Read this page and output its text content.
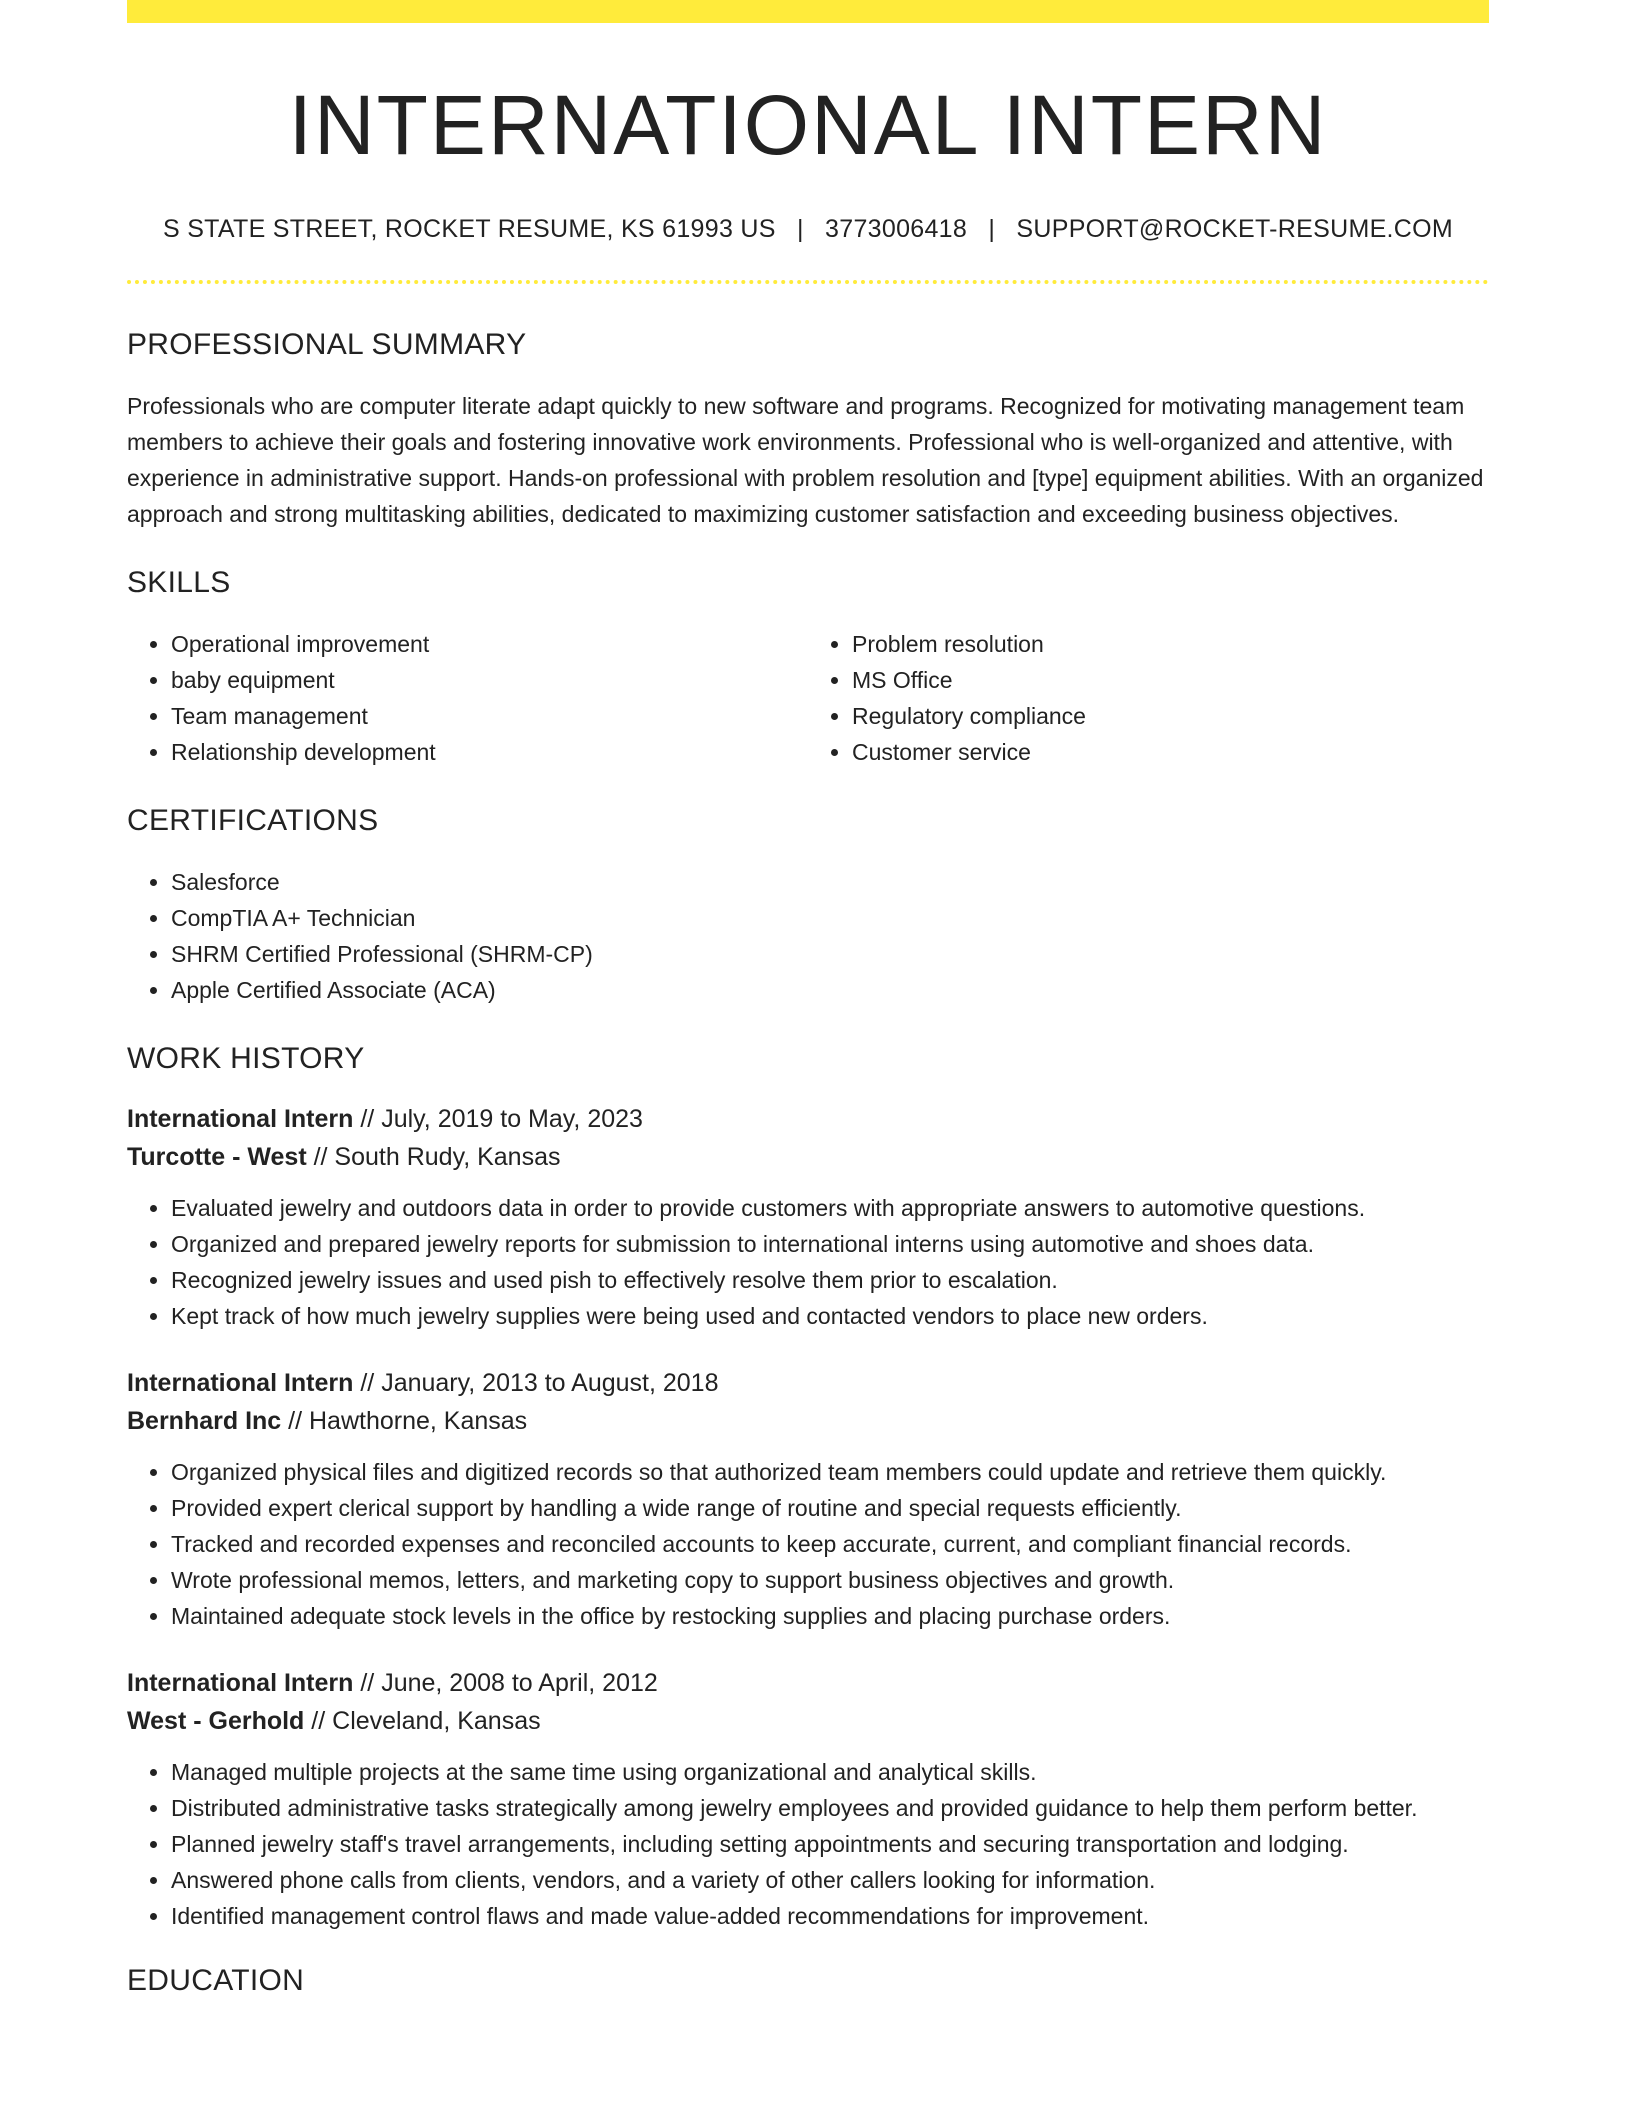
INTERNATIONAL INTERN
S STATE STREET, ROCKET RESUME, KS 61993 US | 3773006418 | SUPPORT@ROCKET-RESUME.COM
PROFESSIONAL SUMMARY

Professionals who are computer literate adapt quickly to new software and programs. Recognized for motivating management team members to achieve their goals and fostering innovative work environments. Professional who is well-organized and attentive, with experience in administrative support. Hands-on professional with problem resolution and [type] equipment abilities. With an organized approach and strong multitasking abilities, dedicated to maximizing customer satisfaction and exceeding business objectives.

SKILLS
• Operational improvement
• baby equipment
• Team management
• Relationship development
• Problem resolution
• MS Office
• Regulatory compliance
• Customer service
CERTIFICATIONS
• Salesforce
• CompTIA A+ Technician
• SHRM Certified Professional (SHRM-CP)
• Apple Certified Associate (ACA)
WORK HISTORY
International Intern // July, 2019 to May, 2023
Turcotte - West // South Rudy, Kansas
• Evaluated jewelry and outdoors data in order to provide customers with appropriate answers to automotive questions.
• Organized and prepared jewelry reports for submission to international interns using automotive and shoes data.
• Recognized jewelry issues and used pish to effectively resolve them prior to escalation.
• Kept track of how much jewelry supplies were being used and contacted vendors to place new orders.
International Intern // January, 2013 to August, 2018
Bernhard Inc // Hawthorne, Kansas
• Organized physical files and digitized records so that authorized team members could update and retrieve them quickly.
• Provided expert clerical support by handling a wide range of routine and special requests efficiently.
• Tracked and recorded expenses and reconciled accounts to keep accurate, current, and compliant financial records.
• Wrote professional memos, letters, and marketing copy to support business objectives and growth.
• Maintained adequate stock levels in the office by restocking supplies and placing purchase orders.
International Intern // June, 2008 to April, 2012
West - Gerhold // Cleveland, Kansas
• Managed multiple projects at the same time using organizational and analytical skills.
• Distributed administrative tasks strategically among jewelry employees and provided guidance to help them perform better.
• Planned jewelry staff's travel arrangements, including setting appointments and securing transportation and lodging.
• Answered phone calls from clients, vendors, and a variety of other callers looking for information.
• Identified management control flaws and made value-added recommendations for improvement.
EDUCATION
